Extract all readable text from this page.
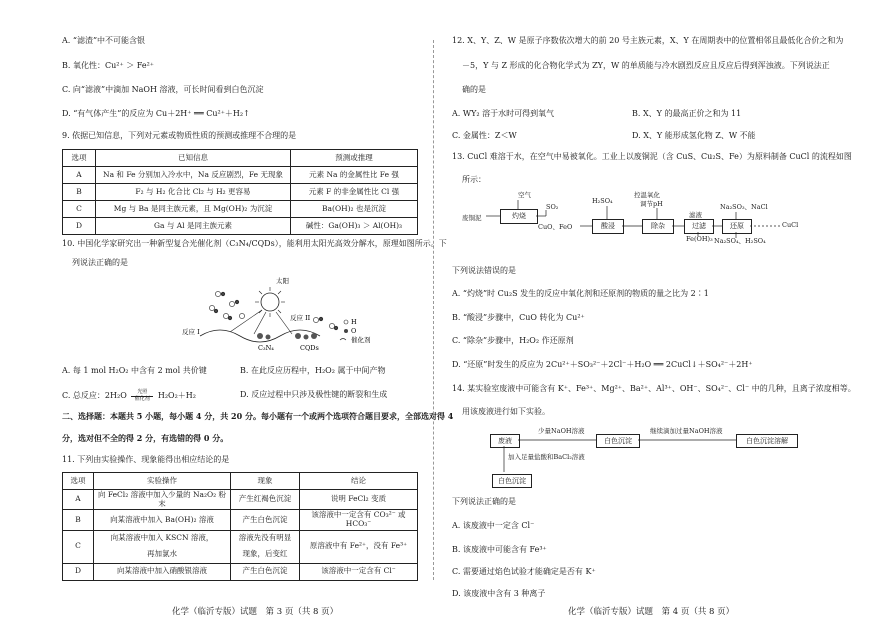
A. “滤渣”中不可能含银
B. 氧化性：Cu²⁺ ＞ Fe²⁺
C. 向“滤液”中滴加 NaOH 溶液，可长时间看到白色沉淀
D. “有气体产生”的反应为 Cu＋2H⁺ ══ Cu²⁺＋H₂↑
9. 依据已知信息，下列对元素或物质性质的预测或推理不合理的是
选项	已知信息	预测或推理
A	Na 和 Fe 分别加入冷水中，Na 反应剧烈，Fe 无现象	元素 Na 的金属性比 Fe 强
B	F₂ 与 H₂ 化合比 Cl₂ 与 H₂ 更容易	元素 F 的非金属性比 Cl 强
C	Mg 与 Ba 是同主族元素，且 Mg(OH)₂ 为沉淀	Ba(OH)₂ 也是沉淀
D	Ga 与 Al 是同主族元素	碱性：Ga(OH)₃ ＞ Al(OH)₃
10. 中国化学家研究出一种新型复合光催化剂（C₃N₄/CQDs），能利用太阳光高效分解水，原理如图所示。下
列说法正确的是
太阳
反应 I
反应 II
C₃N₄	CQDs
H
O
催化剂
A. 每 1 mol H₂O₂ 中含有 2 mol 共价键	B. 在此反应历程中，H₂O₂ 属于中间产物
C. 总反应：2H₂O 光照

催化剂 H₂O₂＋H₂	D. 反应过程中只涉及极性键的断裂和生成
二、选择题：本题共 5 小题，每小题 4 分，共 20 分。每小题有一个或两个选项符合题目要求，全部选对得 4
分，选对但不全的得 2 分，有选错的得 0 分。
11. 下列由实验操作、现象能得出相应结论的是
选项	实验操作	现象	结论
A	向 FeCl₂ 溶液中加入少量的 Na₂O₂ 粉末	产生红褐色沉淀	说明 FeCl₂ 变质
B	向某溶液中加入 Ba(OH)₂ 溶液	产生白色沉淀	该溶液中一定含有 CO₃²⁻ 或 HCO₃⁻
C	向某溶液中加入 KSCN 溶液，	溶液先没有明显	原溶液中有 Fe²⁺，没有 Fe³⁺
	再加氯水	现象，后变红	
D	向某溶液中加入硝酸银溶液	产生白色沉淀	该溶液中一定含有 Cl⁻
化学（临沂专版）试题　第 3 页（共 8 页）
12. X、Y、Z、W 是原子序数依次增大的前 20 号主族元素，X、Y 在周期表中的位置相邻且最低化合价之和为
－5，Y 与 Z 形成的化合物化学式为 ZY，W 的单质能与冷水剧烈反应且反应后得到浑浊液。下列说法正
确的是
A. WY₂ 溶于水时可得到氧气	B. X、Y 的最高正价之和为 11
C. 金属性：Z＜W	D. X、Y 能形成氢化物 Z、W 不能
13. CuCl 难溶于水，在空气中易被氧化。工业上以废铜泥（含 CuS、Cu₂S、Fe）为原料制备 CuCl 的流程如图
所示：
空气
废铜泥	灼烧
SO₂
CuO、FeO
H₂SO₄
酸浸
控温氧化
调节pH
除杂	过滤
Fe(OH)₃
滤液
Na₂SO₃、NaCl
还原
Na₂SO₄、H₂SO₄
CuCl
下列说法错误的是
A. “灼烧”时 Cu₂S 发生的反应中氧化剂和还原剂的物质的量之比为 2∶1
B. “酸浸”步骤中，CuO 转化为 Cu²⁺
C. “除杂”步骤中，H₂O₂ 作还原剂
D. “还原”时发生的反应为 2Cu²⁺＋SO₃²⁻＋2Cl⁻＋H₂O ══ 2CuCl↓＋SO₄²⁻＋2H⁺
14. 某实验室废液中可能含有 K⁺、Fe³⁺、Mg²⁺、Ba²⁺、Al³⁺、OH⁻、SO₄²⁻、Cl⁻ 中的几种，且离子浓度相等。
用该废液进行如下实验。
废液
少量NaOH溶液
白色沉淀
继续滴加过量NaOH溶液
白色沉淀溶解
加入足量盐酸和BaCl₂溶液
白色沉淀
下列说法正确的是
A. 该废液中一定含 Cl⁻
B. 该废液中可能含有 Fe³⁺
C. 需要通过焰色试验才能确定是否有 K⁺
D. 该废液中含有 3 种离子
化学（临沂专版）试题　第 4 页（共 8 页）
